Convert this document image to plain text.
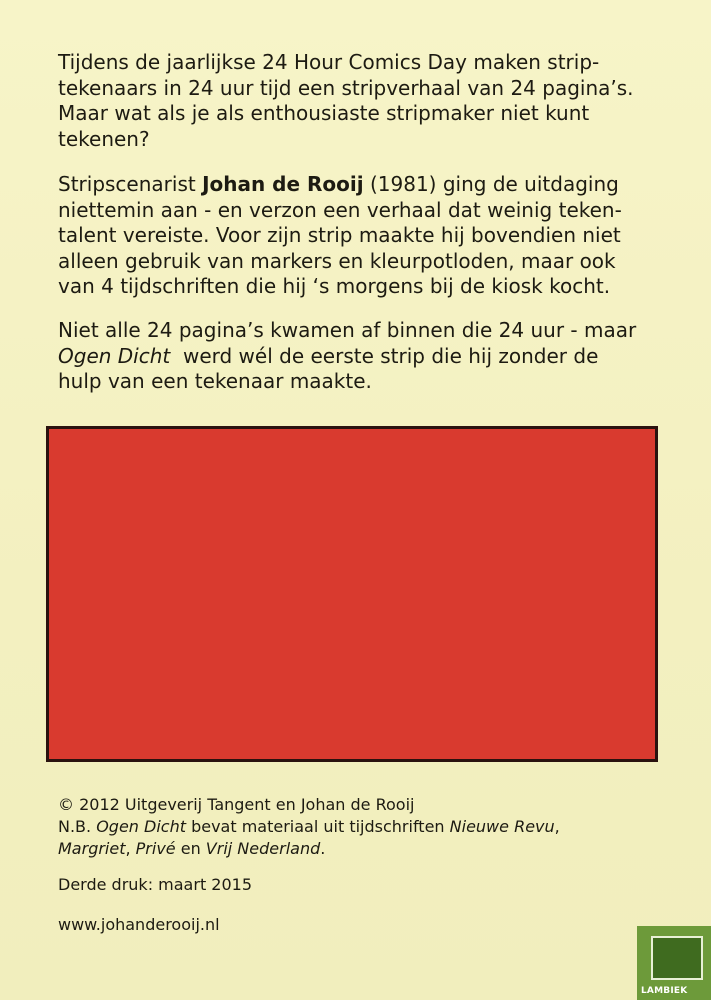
Tijdens de jaarlijkse 24 Hour Comics Day maken strip-
tekenaars in 24 uur tijd een stripverhaal van 24 pagina’s.
Maar wat als je als enthousiaste stripmaker niet kunt
tekenen?

Stripscenarist Johan de Rooij (1981) ging de uitdaging
niettemin aan - en verzon een verhaal dat weinig teken-
talent vereiste. Voor zijn strip maakte hij bovendien niet
alleen gebruik van markers en kleurpotloden, maar ook
van 4 tijdschriften die hij ‘s morgens bij de kiosk kocht.

Niet alle 24 pagina’s kwamen af binnen die 24 uur - maar
Ogen Dicht  werd wél de eerste strip die hij zonder de
hulp van een tekenaar maakte.

© 2012 Uitgeverij Tangent en Johan de Rooij
N.B. Ogen Dicht bevat materiaal uit tijdschriften Nieuwe Revu,
Margriet, Privé en Vrij Nederland.

Derde druk: maart 2015

www.johanderooij.nl

LAMBIEK
